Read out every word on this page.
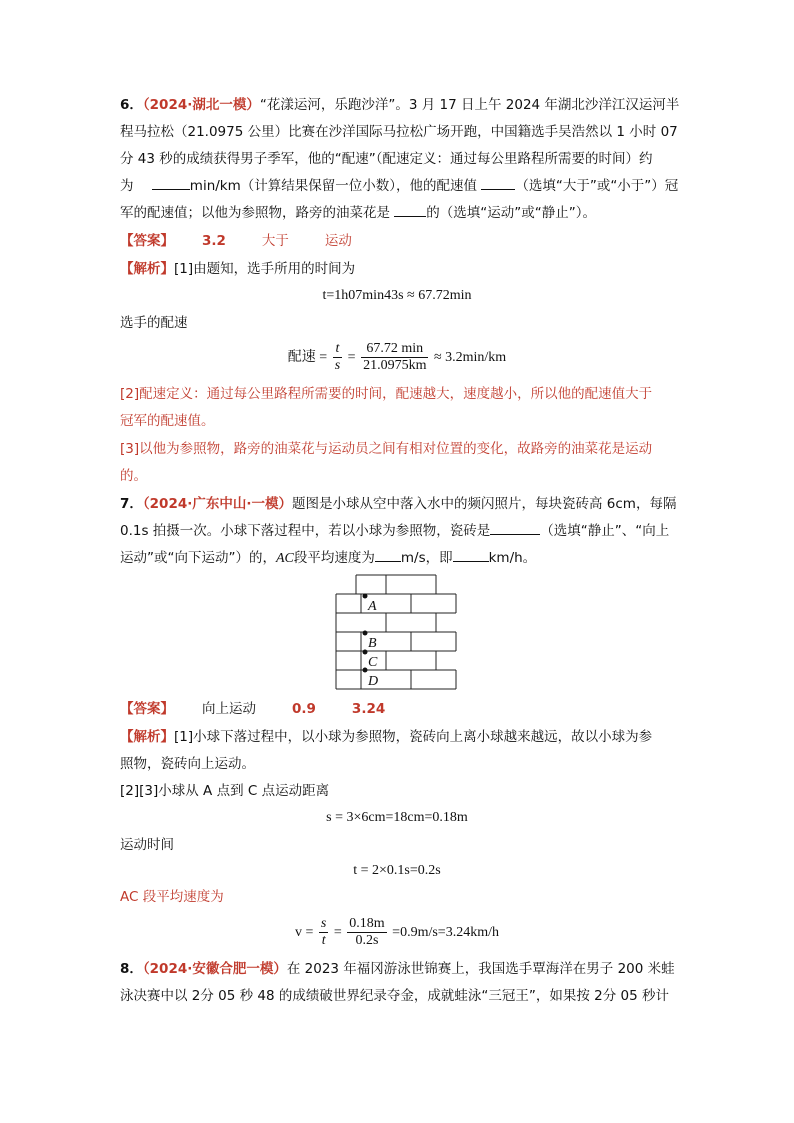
6．（2024·湖北一模）“花漾运河，乐跑沙洋”。3 月 17 日上午 2024 年湖北沙洋江汉运河半
程马拉松（21.0975 公里）比赛在沙洋国际马拉松广场开跑，中国籍选手吴浩然以 1 小时 07
分 43 秒的成绩获得男子季军，他的“配速”（配速定义：通过每公里路程所需要的时间）约
为	min/km（计算结果保留一位小数），他的配速值	（选填“大于”或“小于”）冠
军的配速值；以他为参照物，路旁的油菜花是	的（选填“运动”或“静止”）。
【答案】 3.2	大于	运动
【解析】[1]由题知，选手所用的时间为
t=1h07min43s ≈ 67.72min
选手的配速
配速 = $\frac{t}{s} = \frac{67.72 \min}{21.0975km} \approx 3.2\min/km$
[2]配速定义：通过每公里路程所需要的时间，配速越大，速度越小，所以他的配速值大于
冠军的配速值。
[3]以他为参照物，路旁的油菜花与运动员之间有相对位置的变化，故路旁的油菜花是运动
的。
7．（2024·广东中山·一模）题图是小球从空中落入水中的频闪照片，每块瓷砖高 6cm，每隔
0.1s 拍摄一次。小球下落过程中，若以小球为参照物，瓷砖是	（选填“静止”、“向上
运动”或“向下运动”）的，AC段平均速度为 m/s，即	km/h。
A
B
C
D
【答案】 向上运动	0.9	3.24
【解析】[1]小球下落过程中，以小球为参照物，瓷砖向上离小球越来越远，故以小球为参
照物，瓷砖向上运动。
[2][3]小球从 A 点到 C 点运动距离
s = 3×6cm=18cm=0.18m
运动时间
t = 2×0.1s=0.2s
AC 段平均速度为
$v = \frac{s}{t} = \frac{0.18m}{0.2s} =0.9m/s=3.24km/h$
8．（2024·安徽合肥一模）在 2023 年福冈游泳世锦赛上，我国选手覃海洋在男子 200 米蛙
泳决赛中以 2分 05 秒 48 的成绩破世界纪录夺金，成就蛙泳“三冠王”，如果按 2分 05 秒计
